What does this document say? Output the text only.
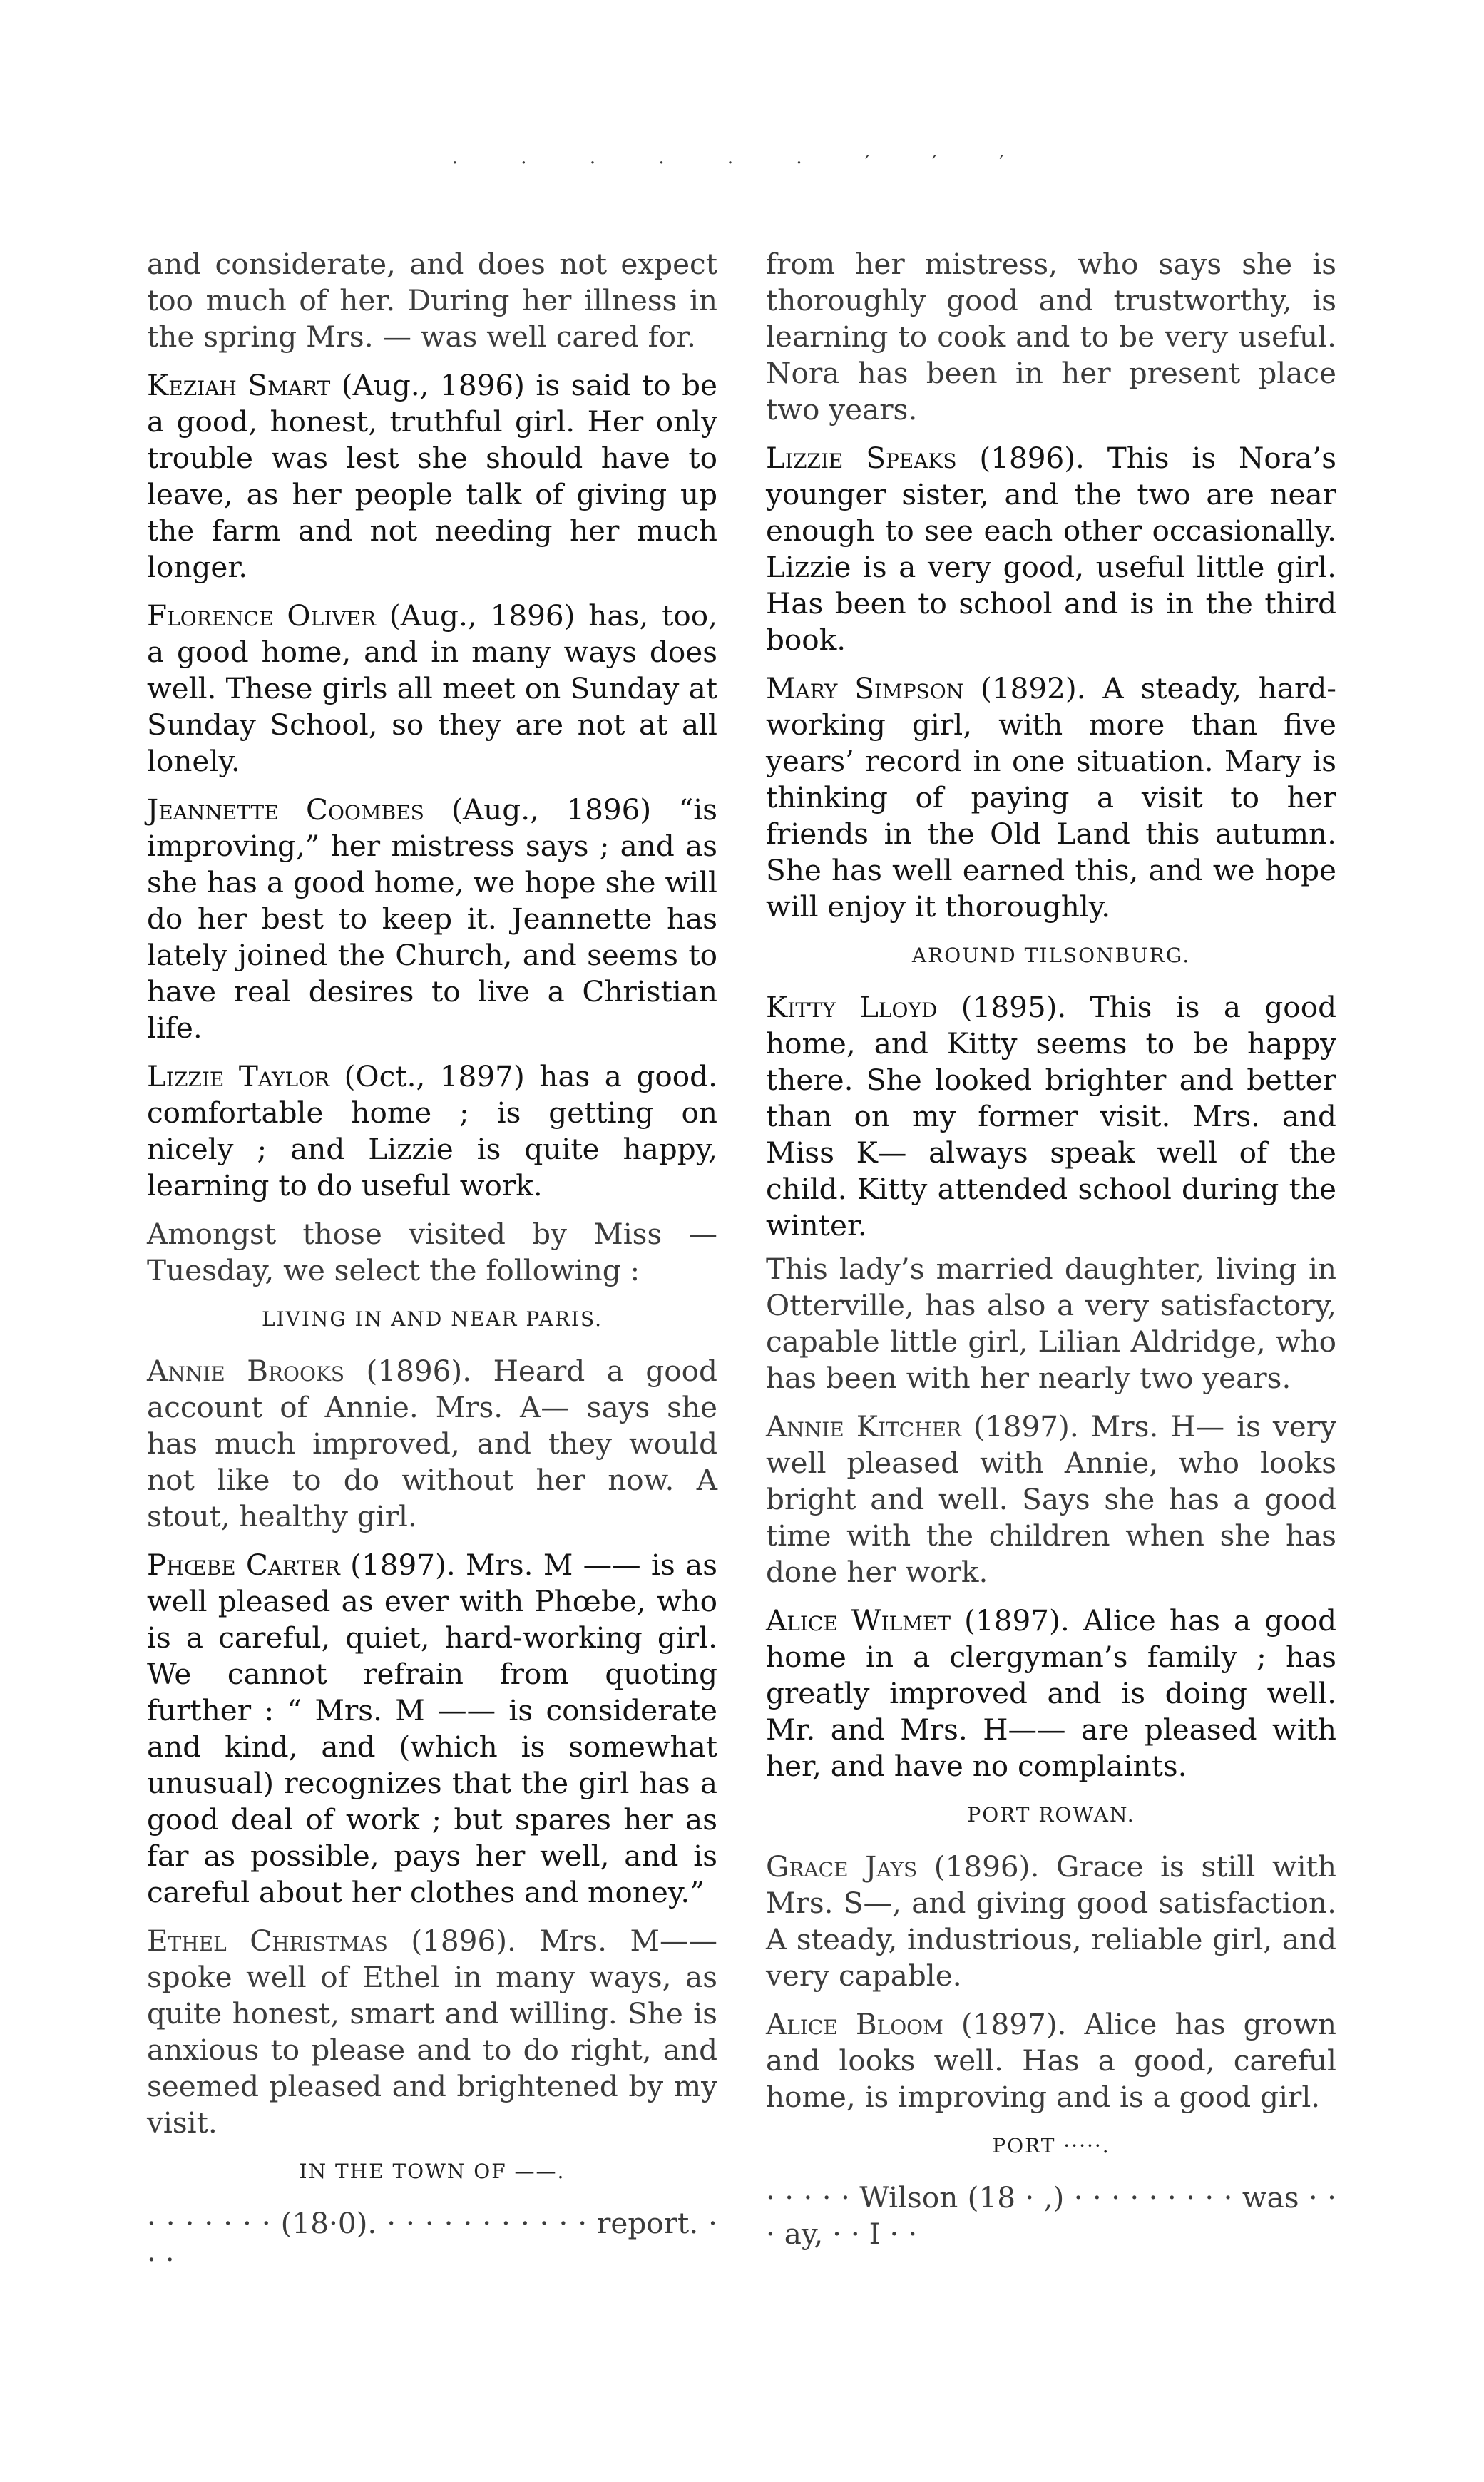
· · · · · · ′ ′ ′

and considerate, and does not expect too much of her. During her illness in the spring Mrs. — was well cared for.

Keziah Smart (Aug., 1896) is said to be a good, honest, truthful girl. Her only trouble was lest she should have to leave, as her people talk of giving up the farm and not needing her much longer.

Florence Oliver (Aug., 1896) has, too, a good home, and in many ways does well. These girls all meet on Sunday at Sunday School, so they are not at all lonely.

Jeannette Coombes (Aug., 1896) “is improving,” her mistress says ; and as she has a good home, we hope she will do her best to keep it. Jeannette has lately joined the Church, and seems to have real desires to live a Christian life.

Lizzie Taylor (Oct., 1897) has a good. comfortable home ; is getting on nicely ; and Lizzie is quite happy, learning to do useful work.

Amongst those visited by Miss — Tuesday, we select the following :

LIVING IN AND NEAR PARIS.

Annie Brooks (1896). Heard a good account of Annie. Mrs. A— says she has much improved, and they would not like to do without her now. A stout, healthy girl.

Phœbe Carter (1897). Mrs. M —— is as well pleased as ever with Phœbe, who is a careful, quiet, hard-working girl. We cannot refrain from quoting further : “ Mrs. M —— is considerate and kind, and (which is somewhat unusual) recognizes that the girl has a good deal of work ; but spares her as far as possible, pays her well, and is careful about her clothes and money.”

Ethel Christmas (1896). Mrs. M—— spoke well of Ethel in many ways, as quite honest, smart and willing. She is anxious to please and to do right, and seemed pleased and brightened by my visit.

IN THE TOWN OF ——.

· · · · · · · (18·0). · · · · · · · · · · · report. · · ·

from her mistress, who says she is thoroughly good and trustworthy, is learning to cook and to be very useful. Nora has been in her present place two years.

Lizzie Speaks (1896). This is Nora’s younger sister, and the two are near enough to see each other occasionally. Lizzie is a very good, useful little girl. Has been to school and is in the third book.

Mary Simpson (1892). A steady, hard-working girl, with more than five years’ record in one situation. Mary is thinking of paying a visit to her friends in the Old Land this autumn. She has well earned this, and we hope will enjoy it thoroughly.

AROUND TILSONBURG.

Kitty Lloyd (1895). This is a good home, and Kitty seems to be happy there. She looked brighter and better than on my former visit. Mrs. and Miss K— always speak well of the child. Kitty attended school during the winter.

This lady’s married daughter, living in Otterville, has also a very satisfactory, capable little girl, Lilian Aldridge, who has been with her nearly two years.

Annie Kitcher (1897). Mrs. H— is very well pleased with Annie, who looks bright and well. Says she has a good time with the children when she has done her work.

Alice Wilmet (1897). Alice has a good home in a clergyman’s family ; has greatly improved and is doing well. Mr. and Mrs. H—— are pleased with her, and have no complaints.

PORT ROWAN.

Grace Jays (1896). Grace is still with Mrs. S—, and giving good satisfaction. A steady, industrious, reliable girl, and very capable.

Alice Bloom (1897). Alice has grown and looks well. Has a good, careful home, is improving and is a good girl.

PORT ·····.

· · · · · Wilson (18 · ,) · · · · · · · · · was · · · ay, · · I · ·
